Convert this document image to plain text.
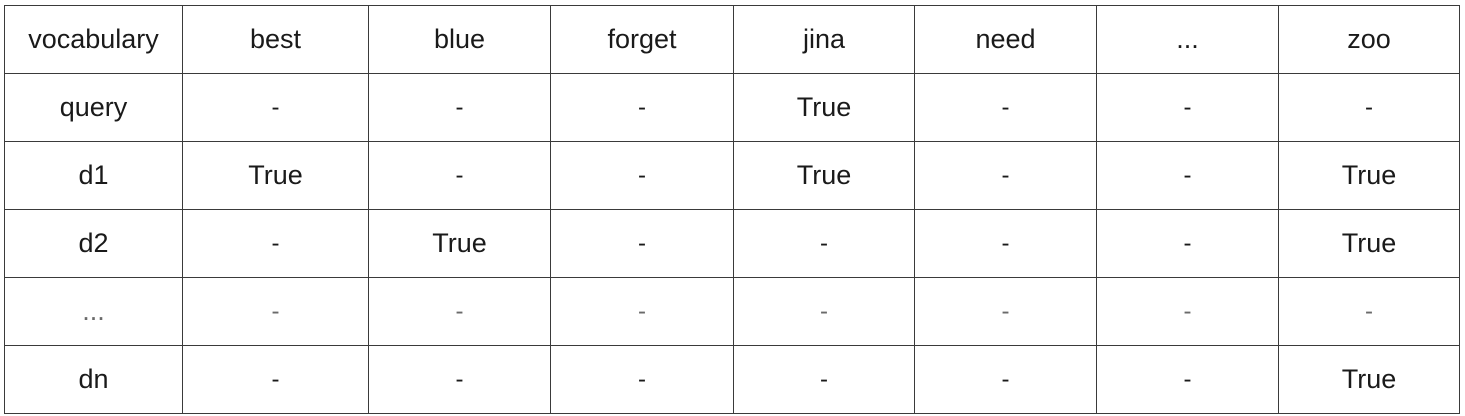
vocabulary	best	blue	forget	jina	need	...	zoo
query	-	-	-	True	-	-	-
d1	True	-	-	True	-	-	True
d2	-	True	-	-	-	-	True
...	-	-	-	-	-	-	-
dn	-	-	-	-	-	-	True
